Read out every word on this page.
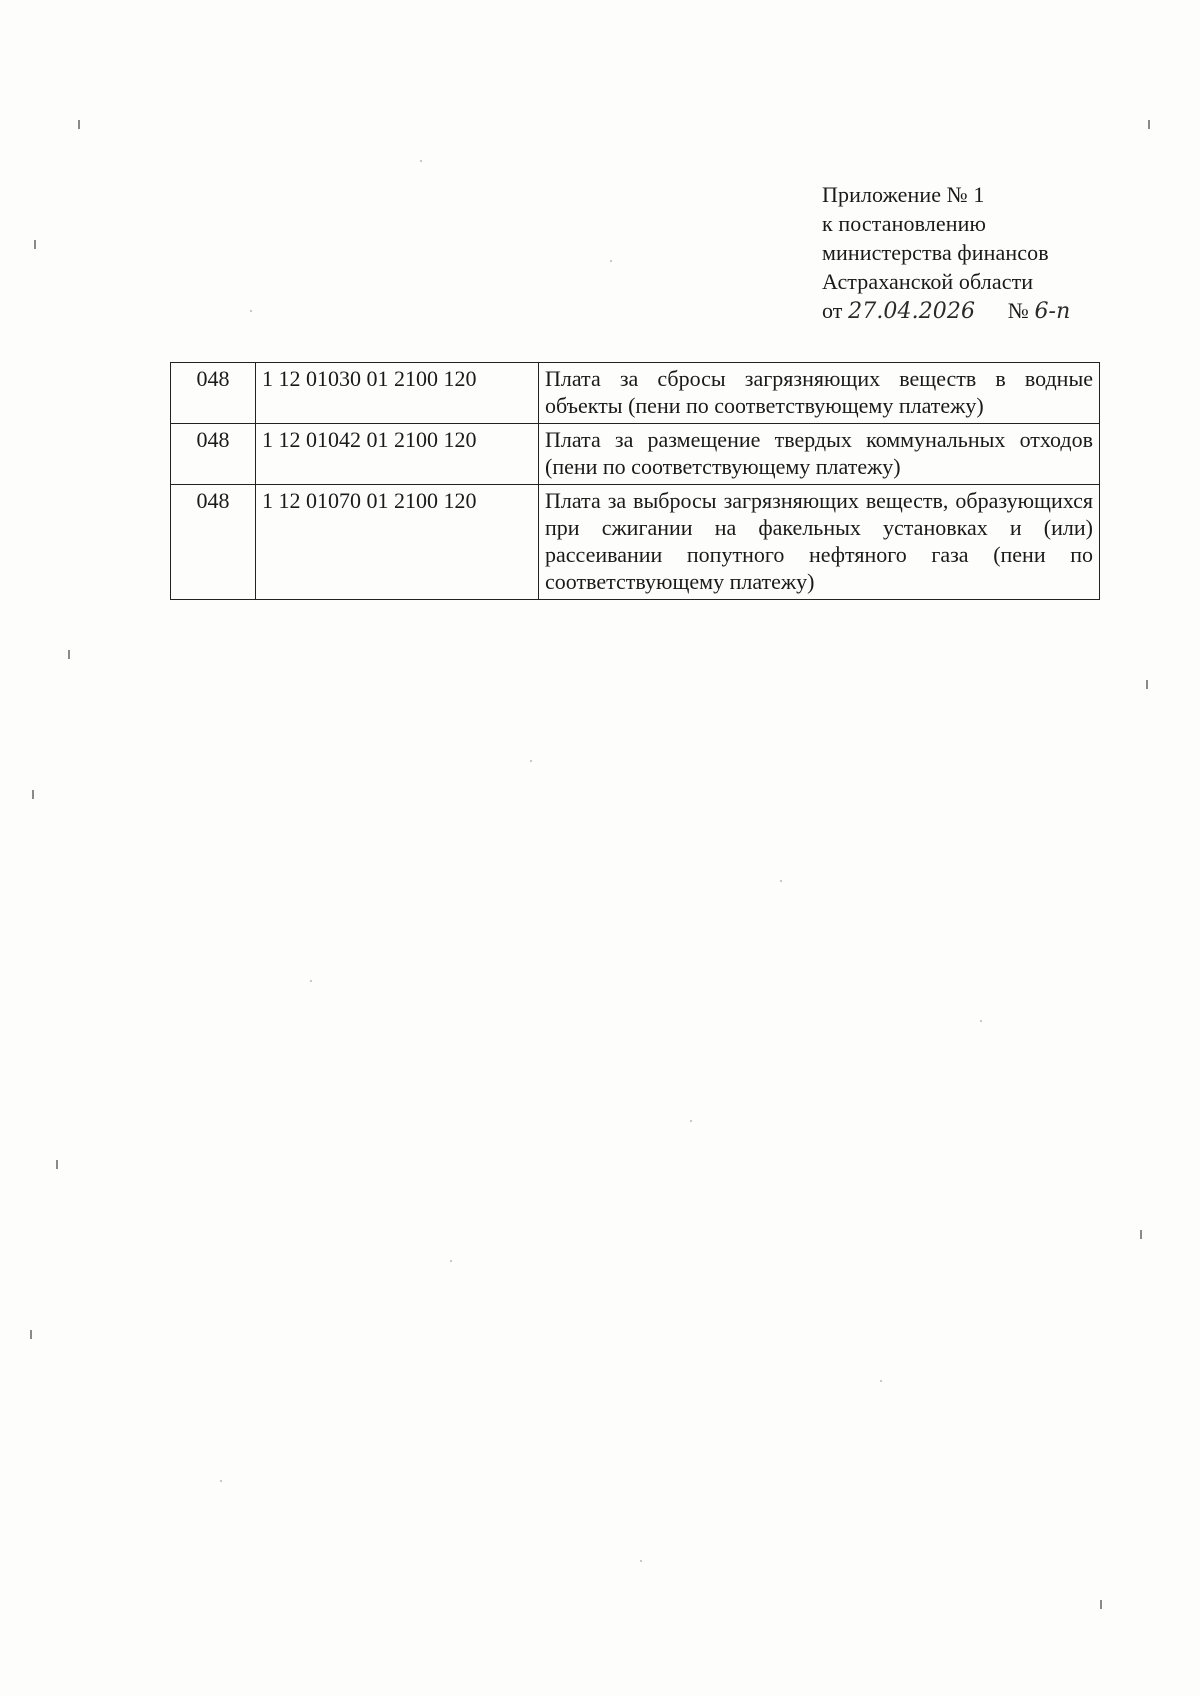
Приложение № 1
к постановлению
министерства финансов
Астраханской области
от 27.04.2026 № 6-п
048	1 12 01030 01 2100 120	Плата за сбросы загрязняющих веществ в водные объекты (пени по соответствующему платежу)
048	1 12 01042 01 2100 120	Плата за размещение твердых коммунальных отходов (пени по соответствующему платежу)
048	1 12 01070 01 2100 120	Плата за выбросы загрязняющих веществ, образующихся при сжигании на факельных установках и (или) рассеивании попутного нефтяного газа (пени по соответствующему платежу)
